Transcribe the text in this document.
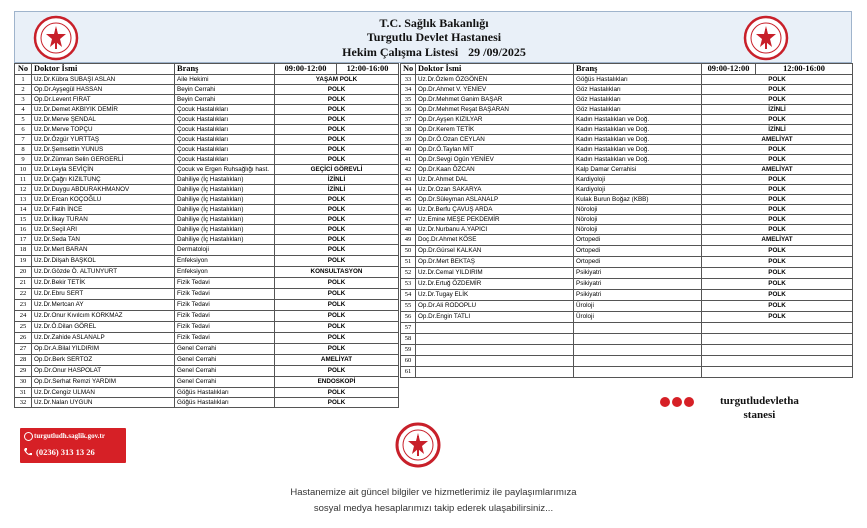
T.C. Sağlık Bakanlığı
Turgutlu Devlet Hastanesi
Hekim Çalışma Listesi 29 /09/2025
No	Doktor İsmi	Branş	09:00-12:00	12:00-16:00
1	Uz.Dr.Kübra SUBAŞI ASLAN	Aile Hekimi	YAŞAM POLK	
2	Op.Dr.Ayşegül HASSAN	Beyin Cerrahi	POLK	
3	Op.Dr.Levent FIRAT	Beyin Cerrahi	POLK	
4	Uz.Dr.Demet AKBIYIK DEMİR	Çocuk Hastalıkları	POLK	
5	Uz.Dr.Merve ŞENDAL	Çocuk Hastalıkları	POLK	
6	Uz.Dr.Merve TOPÇU	Çocuk Hastalıkları	POLK	
7	Uz.Dr.Özgür YURTTAŞ	Çocuk Hastalıkları	POLK	
8	Uz.Dr.Şemsettin YUNUS	Çocuk Hastalıkları	POLK	
9	Uz.Dr.Zümran Selin GERGERLİ	Çocuk Hastalıkları	POLK	
10	Uz.Dr.Leyla SEVİÇİN	Çocuk ve Ergen Ruhsağlığı hast.	GEÇİCİ GÖREVLİ	
11	Uz.Dr.Çağrı KIZILTUNÇ	Dahiliye (İç Hastalıkları)	İZİNLİ	
12	Uz.Dr.Duygu ABDURAKHMANOV	Dahiliye (İç Hastalıkları)	İZİNLİ	
13	Uz.Dr.Ercan KOÇOĞLU	Dahiliye (İç Hastalıkları)	POLK	
14	Uz.Dr.Fatih İNCE	Dahiliye (İç Hastalıkları)	POLK	
15	Uz.Dr.İlkay TURAN	Dahiliye (İç Hastalıkları)	POLK	
16	Uz.Dr.Seçil ARI	Dahiliye (İç Hastalıkları)	POLK	
17	Uz.Dr.Seda TAN	Dahiliye (İç Hastalıkları)	POLK	
18	Uz.Dr.Mert BARAN	Dermatoloji	POLK	
19	Uz.Dr.Dilşah BAŞKOL	Enfeksiyon	POLK	
20	Uz.Dr.Gözde Ö. ALTUNYURT	Enfeksiyon	KONSULTASYON	
21	Uz.Dr.Bekir TETİK	Fizik Tedavi	POLK	
22	Uz.Dr.Ebru SERT	Fizik Tedavi	POLK	
23	Uz.Dr.Mertcan AY	Fizik Tedavi	POLK	
24	Uz.Dr.Onur Kıvılcım KORKMAZ	Fizik Tedavi	POLK	
25	Uz.Dr.Ö.Dilan GÖREL	Fizik Tedavi	POLK	
26	Uz.Dr.Zahide ASLANALP	Fizik Tedavi	POLK	
27	Op.Dr.A.Bilal YILDIRIM	Genel Cerrahi	POLK	
28	Op.Dr.Berk SERTOZ	Genel Cerrahi	AMELİYAT	
29	Op.Dr.Onur HASPOLAT	Genel Cerrahi	POLK	
30	Op.Dr.Serhat Remzi YARDIM	Genel Cerrahi	ENDOSKOPİ	
31	Uz.Dr.Cengiz ULMAN	Göğüs Hastalıkları	POLK	
32	Uz.Dr.Nalan UYGUN	Göğüs Hastalıkları	POLK	
No	Doktor İsmi	Branş	09:00-12:00	12:00-16:00
33	Uz.Dr.Özlem ÖZGÖNEN	Göğüs Hastalıkları	POLK	
34	Op.Dr.Ahmet V. YENİEV	Göz Hastalıkları	POLK	
35	Op.Dr.Mehmet Ganim BAŞAR	Göz Hastalıkları	POLK	
36	Op.Dr.Mehmet Reşat BAŞARAN	Göz Hastalıkları	İZİNLİ	
37	Op.Dr.Ayşen KIZILYAR	Kadın Hastalıkları ve Doğ.	POLK	
38	Op.Dr.Kerem TETİK	Kadın Hastalıkları ve Doğ.	İZİNLİ	
39	Op.Dr.Ö.Ozan CEYLAN	Kadın Hastalıkları ve Doğ.	AMELİYAT	
40	Op.Dr.Ö.Taylan MİT	Kadın Hastalıkları ve Doğ.	POLK	
41	Op.Dr.Sevgi Ogün YENİEV	Kadın Hastalıkları ve Doğ.	POLK	
42	Op.Dr.Kaan ÖZCAN	Kalp Damar Cerrahisi	AMELİYAT	
43	Uz.Dr.Ahmet DAL	Kardiyoloji	POLK	
44	Uz.Dr.Ozan SAKARYA	Kardiyoloji	POLK	
45	Op.Dr.Süleyman ASLANALP	Kulak Burun Boğaz (KBB)	POLK	
46	Uz.Dr.Berfu ÇAVUŞ ARDA	Nöroloji	POLK	
47	Uz.Emine MEŞE PEKDEMİR	Nöroloji	POLK	
48	Uz.Dr.Nurbanu A.YAPICI	Nöroloji	POLK	
49	Doç.Dr.Ahmet KÖSE	Ortopedi	AMELİYAT	
50	Op.Dr.Gürsel KALKAN	Ortopedi	POLK	
51	Op.Dr.Mert BEKTAŞ	Ortopedi	POLK	
52	Uz.Dr.Cemal YILDIRIM	Psikiyatri	POLK	
53	Uz.Dr.Ertuğ ÖZDEMİR	Psikiyatri	POLK	
54	Uz.Dr.Tugay ELİK	Psikiyatri	POLK	
55	Op.Dr.Ali RODOPLU	Üroloji	POLK	
56	Op.Dr.Engin TATLI	Üroloji	POLK	
57				
58				
59				
60				
61				
turgutludh.saglik.gov.tr
(0236) 313 13 26
turgutludevletha
stanesi
Hastanemize ait güncel bilgiler ve hizmetlerimiz ile paylaşımlarımıza
sosyal medya hesaplarımızı takip ederek ulaşabilirsiniz...
